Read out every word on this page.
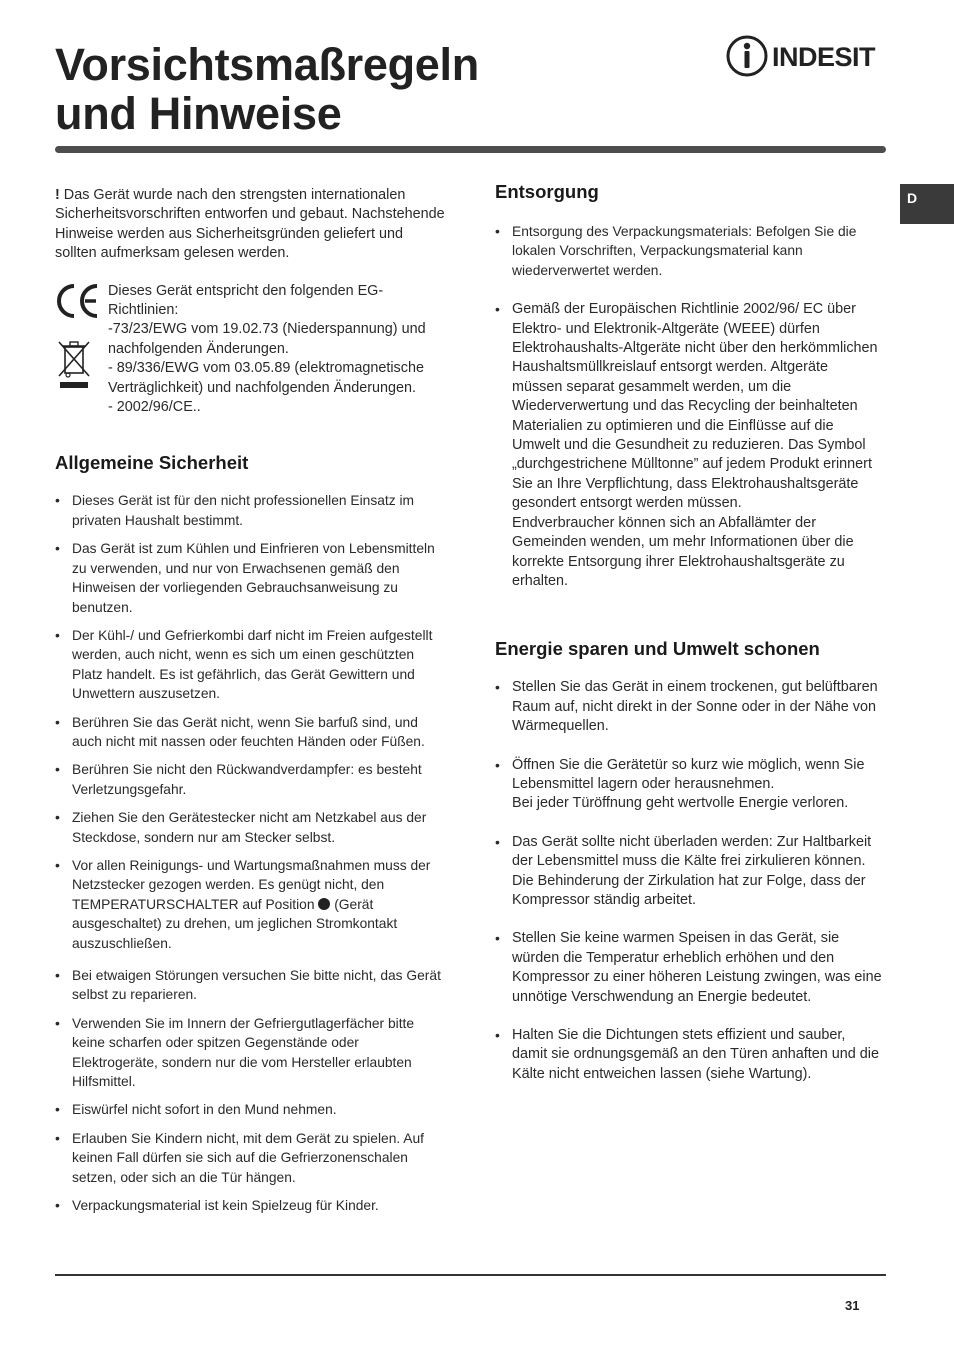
Vorsichtsmaßregeln
und Hinweise
INDESIT
D

! Das Gerät wurde nach den strengsten internationalen Sicherheitsvorschriften entworfen und gebaut. Nachstehende Hinweise werden aus Sicherheitsgründen geliefert und sollten aufmerksam gelesen werden.

Dieses Gerät entspricht den folgenden EG-Richtlinien:

-73/23/EWG vom 19.02.73 (Niederspannung) und nachfolgenden Änderungen.

- 89/336/EWG vom 03.05.89 (elektromagnetische Verträglichkeit) und nachfolgenden Änderungen.

- 2002/96/CE..

Allgemeine Sicherheit
• Dieses Gerät ist für den nicht professionellen Einsatz im privaten Haushalt bestimmt.
• Das Gerät ist zum Kühlen und Einfrieren von Lebensmitteln zu verwenden, und nur von Erwachsenen gemäß den Hinweisen der vorliegenden Gebrauchsanweisung zu benutzen.
• Der Kühl-/ und Gefrierkombi darf nicht im Freien aufgestellt werden, auch nicht, wenn es sich um einen geschützten Platz handelt. Es ist gefährlich, das Gerät Gewittern und Unwettern auszusetzen.
• Berühren Sie das Gerät nicht, wenn Sie barfuß sind, und auch nicht mit nassen oder feuchten Händen oder Füßen.
• Berühren Sie nicht den Rückwandverdampfer: es besteht Verletzungsgefahr.
• Ziehen Sie den Gerätestecker nicht am Netzkabel aus der Steckdose, sondern nur am Stecker selbst.
• Vor allen Reinigungs- und Wartungsmaßnahmen muss der Netzstecker gezogen werden. Es genügt nicht, den TEMPERATURSCHALTER auf Position  (Gerät ausgeschaltet) zu drehen, um jeglichen Stromkontakt auszuschließen.
• Bei etwaigen Störungen versuchen Sie bitte nicht, das Gerät selbst zu reparieren.
• Verwenden Sie im Innern der Gefriergutlagerfächer bitte keine scharfen oder spitzen Gegenstände oder Elektrogeräte, sondern nur die vom Hersteller erlaubten Hilfsmittel.
• Eiswürfel nicht sofort in den Mund nehmen.
• Erlauben Sie Kindern nicht, mit dem Gerät zu spielen. Auf keinen Fall dürfen sie sich auf die Gefrierzonenschalen setzen, oder sich an die Tür hängen.
• Verpackungsmaterial ist kein Spielzeug für Kinder.
Entsorgung
• Entsorgung des Verpackungsmaterials: Befolgen Sie die lokalen Vorschriften, Verpackungsmaterial kann wiederverwertet werden.

• Gemäß der Europäischen Richtlinie 2002/96/ EC über Elektro- und Elektronik-Altgeräte (WEEE) dürfen Elektrohaushalts-Altgeräte nicht über den herkömmlichen Haushaltsmüllkreislauf entsorgt werden. Altgeräte müssen separat gesammelt werden, um die Wiederverwertung und das Recycling der beinhalteten Materialien zu optimieren und die Einflüsse auf die Umwelt und die Gesundheit zu reduzieren. Das Symbol „durchgestrichene Mülltonne” auf jedem Produkt erinnert Sie an Ihre Verpflichtung, dass Elektrohaushaltsgeräte gesondert entsorgt werden müssen.

Endverbraucher können sich an Abfallämter der Gemeinden wenden, um mehr Informationen über die korrekte Entsorgung ihrer Elektrohaushaltsgeräte zu erhalten.

Energie sparen und Umwelt schonen
• Stellen Sie das Gerät in einem trockenen, gut belüftbaren Raum auf, nicht direkt in der Sonne oder in der Nähe von Wärmequellen.

• Öffnen Sie die Gerätetür so kurz wie möglich, wenn Sie Lebensmittel lagern oder herausnehmen.

Bei jeder Türöffnung geht wertvolle Energie verloren.

• Das Gerät sollte nicht überladen werden: Zur Haltbarkeit der Lebensmittel muss die Kälte frei zirkulieren können. Die Behinderung der Zirkulation hat zur Folge, dass der Kompressor ständig arbeitet.
• Stellen Sie keine warmen Speisen in das Gerät, sie würden die Temperatur erheblich erhöhen und den Kompressor zu einer höheren Leistung zwingen, was eine unnötige Verschwendung an Energie bedeutet.
• Halten Sie die Dichtungen stets effizient und sauber, damit sie ordnungsgemäß an den Türen anhaften und die Kälte nicht entweichen lassen (siehe Wartung).
31
